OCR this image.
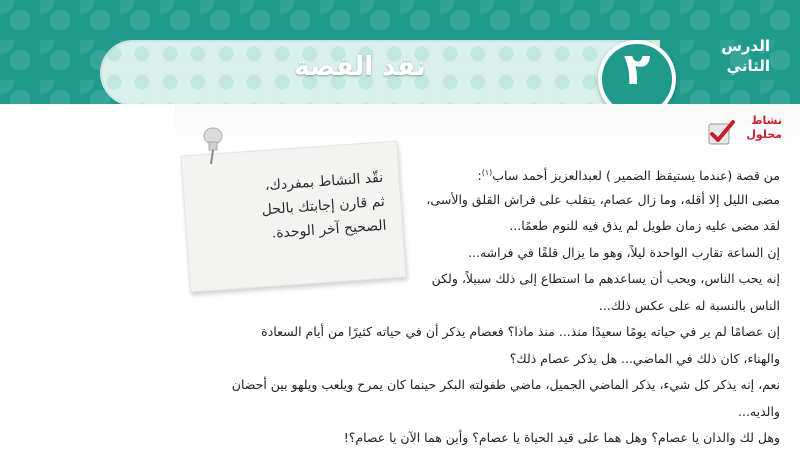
نقد القصة	٢	الدرس
الثاني
نشاط
محلول
نقّد النشاط بمفردك،
ثم قارن إجابتك بالحل
الصحيح آخر الوحدة.
من قصة (عندما يستيقظ الضمير ) لعبدالعزيز أحمد ساب$^{(١)}$:
مضى الليل إلا أقله، وما زال عصام، يتقلب على فراش القلق والأسى،
لقد مضى عليه زمان طويل لم يذق فيه للنوم طعمًا...
إن الساعة تقارب الواحدة ليلاً، وهو ما يزال قلقًا في فراشه...
إنه يحب الناس، ويحب أن يساعدهم ما استطاع إلى ذلك سبيلاً، ولكن
الناس بالنسبة له على عكس ذلك...
إن عصامًا لم ير في حياته يومًا سعيدًا منذ... منذ ماذا؟ فعصام يذكر أن في حياته كثيرًا من أيام السعادة
والهناء، كان ذلك في الماضي... هل يذكر عصام ذلك؟
نعم، إنه يذكر كل شيء، يذكر الماضي الجميل، ماضي طفولته البكر حينما كان يمرح ويلعب ويلهو بين أحضان
والديه...
وهل لك والدان يا عصام؟ وهل هما على قيد الحياة يا عصام؟ وأين هما الآن يا عصام؟!
